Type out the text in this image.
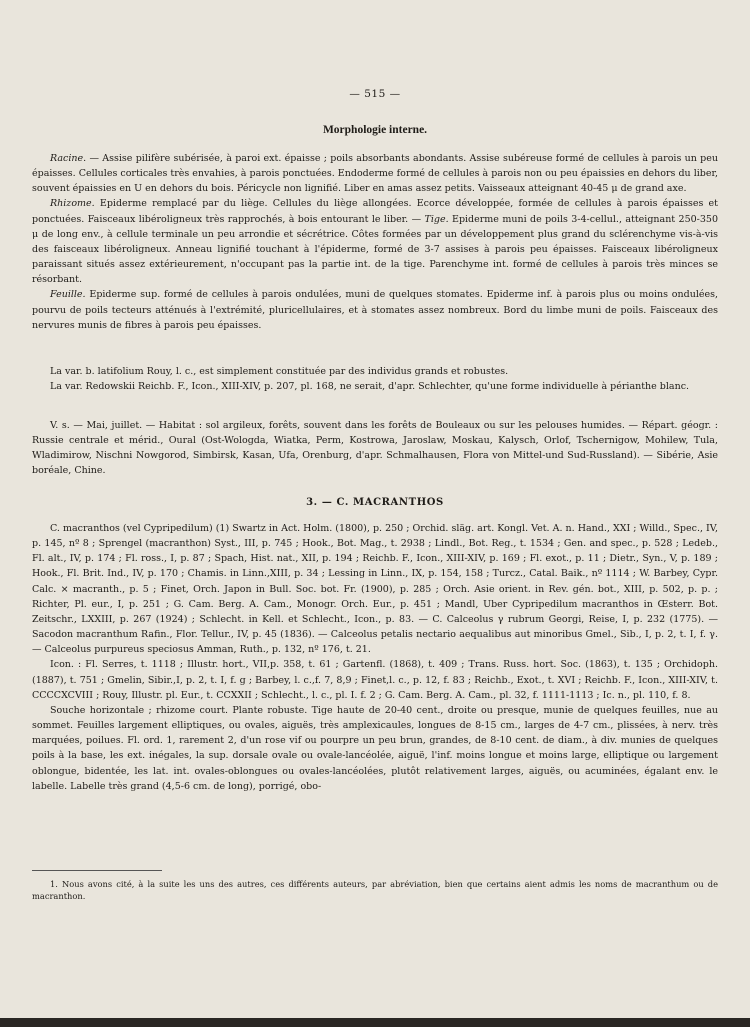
— 515 —
Morphologie interne.

Racine. — Assise pilifère subérisée, à paroi ext. épaisse ; poils absorbants abondants. Assise subéreuse formé de cellules à parois un peu épaisses. Cellules corticales très envahies, à parois ponctuées. Endoderme formé de cellules à parois non ou peu épaissies en dehors du liber, souvent épaissies en U en dehors du bois. Péricycle non lignifié. Liber en amas assez petits. Vaisseaux atteignant 40-45 μ de grand axe.

Rhizome. Epiderme remplacé par du liège. Cellules du liège allongées. Ecorce développée, formée de cellules à parois épaisses et ponctuées. Faisceaux libéroligneux très rapprochés, à bois entourant le liber. — Tige. Epiderme muni de poils 3-4-cellul., atteignant 250-350 μ de long env., à cellule terminale un peu arrondie et sécrétrice. Côtes formées par un développement plus grand du sclérenchyme vis-à-vis des faisceaux libéroligneux. Anneau lignifié touchant à l'épiderme, formé de 3-7 assises à parois peu épaisses. Faisceaux libéroligneux paraissant situés assez extérieurement, n'occupant pas la partie int. de la tige. Parenchyme int. formé de cellules à parois très minces se résorbant.

Feuille. Epiderme sup. formé de cellules à parois ondulées, muni de quelques stomates. Epiderme inf. à parois plus ou moins ondulées, pourvu de poils tecteurs atténués à l'extrémité, pluricellulaires, et à stomates assez nombreux. Bord du limbe muni de poils. Faisceaux des nervures munis de fibres à parois peu épaisses.

La var. b. latifolium Rouy, l. c., est simplement constituée par des individus grands et robustes.

La var. Redowskii Reichb. F., Icon., XIII-XIV, p. 207, pl. 168, ne serait, d'apr. Schlechter, qu'une forme individuelle à périanthe blanc.

V. s. — Mai, juillet. — Habitat : sol argileux, forêts, souvent dans les forêts de Bouleaux ou sur les pelouses humides. — Répart. géogr. : Russie centrale et mérid., Oural (Ost-Wologda, Wiatka, Perm, Kostrowa, Jaroslaw, Moskau, Kalysch, Orlof, Tschernigow, Mohilew, Tula, Wladimirow, Nischni Nowgorod, Simbirsk, Kasan, Ufa, Orenburg, d'apr. Schmalhausen, Flora von Mittel-und Sud-Russland). — Sibérie, Asie boréale, Chine.

3. — C. MACRANTHOS

C. macranthos (vel Cypripedilum) (1) Swartz in Act. Holm. (1800), p. 250 ; Orchid. släg. art. Kongl. Vet. A. n. Hand., XXI ; Willd., Spec., IV, p. 145, nº 8 ; Sprengel (macranthon) Syst., III, p. 745 ; Hook., Bot. Mag., t. 2938 ; Lindl., Bot. Reg., t. 1534 ; Gen. and spec., p. 528 ; Ledeb., Fl. alt., IV, p. 174 ; Fl. ross., I, p. 87 ; Spach, Hist. nat., XII, p. 194 ; Reichb. F., Icon., XIII-XIV, p. 169 ; Fl. exot., p. 11 ; Dietr., Syn., V, p. 189 ; Hook., Fl. Brit. Ind., IV, p. 170 ; Chamis. in Linn.,XIII, p. 34 ; Lessing in Linn., IX, p. 154, 158 ; Turcz., Catal. Baik., nº 1114 ; W. Barbey, Cypr. Calc. × macranth., p. 5 ; Finet, Orch. Japon in Bull. Soc. bot. Fr. (1900), p. 285 ; Orch. Asie orient. in Rev. gén. bot., XIII, p. 502, p. p. ; Richter, Pl. eur., I, p. 251 ; G. Cam. Berg. A. Cam., Monogr. Orch. Eur., p. 451 ; Mandl, Uber Cypripedilum macranthos in Œsterr. Bot. Zeitschr., LXXIII, p. 267 (1924) ; Schlecht. in Kell. et Schlecht., Icon., p. 83. — C. Calceolus γ rubrum Georgi, Reise, I, p. 232 (1775). — Sacodon macranthum Rafin., Flor. Tellur., IV, p. 45 (1836). — Calceolus petalis nectario aequalibus aut minoribus Gmel., Sib., I, p. 2, t. I, f. γ. — Calceolus purpureus speciosus Amman, Ruth., p. 132, nº 176, t. 21.

Icon. : Fl. Serres, t. 1118 ; Illustr. hort., VII,p. 358, t. 61 ; Gartenfl. (1868), t. 409 ; Trans. Russ. hort. Soc. (1863), t. 135 ; Orchidoph. (1887), t. 751 ; Gmelin, Sibir.,I, p. 2, t. I, f. g ; Barbey, l. c.,f. 7, 8,9 ; Finet,l. c., p. 12, f. 83 ; Reichb., Exot., t. XVI ; Reichb. F., Icon., XIII-XIV, t. CCCCXCVIII ; Rouy, Illustr. pl. Eur., t. CCXXII ; Schlecht., l. c., pl. I. f. 2 ; G. Cam. Berg. A. Cam., pl. 32, f. 1111-1113 ; Ic. n., pl. 110, f. 8.

Souche horizontale ; rhizome court. Plante robuste. Tige haute de 20-40 cent., droite ou presque, munie de quelques feuilles, nue au sommet. Feuilles largement elliptiques, ou ovales, aiguës, très amplexicaules, longues de 8-15 cm., larges de 4-7 cm., plissées, à nerv. très marquées, poilues. Fl. ord. 1, rarement 2, d'un rose vif ou pourpre un peu brun, grandes, de 8-10 cent. de diam., à div. munies de quelques poils à la base, les ext. inégales, la sup. dorsale ovale ou ovale-lancéolée, aiguë, l'inf. moins longue et moins large, elliptique ou largement oblongue, bidentée, les lat. int. ovales-oblongues ou ovales-lancéolées, plutôt relativement larges, aiguës, ou acuminées, égalant env. le labelle. Labelle très grand (4,5-6 cm. de long), porrigé, obo-

1. Nous avons cité, à la suite les uns des autres, ces différents auteurs, par abréviation, bien que certains aient admis les noms de macranthum ou de macranthon.
